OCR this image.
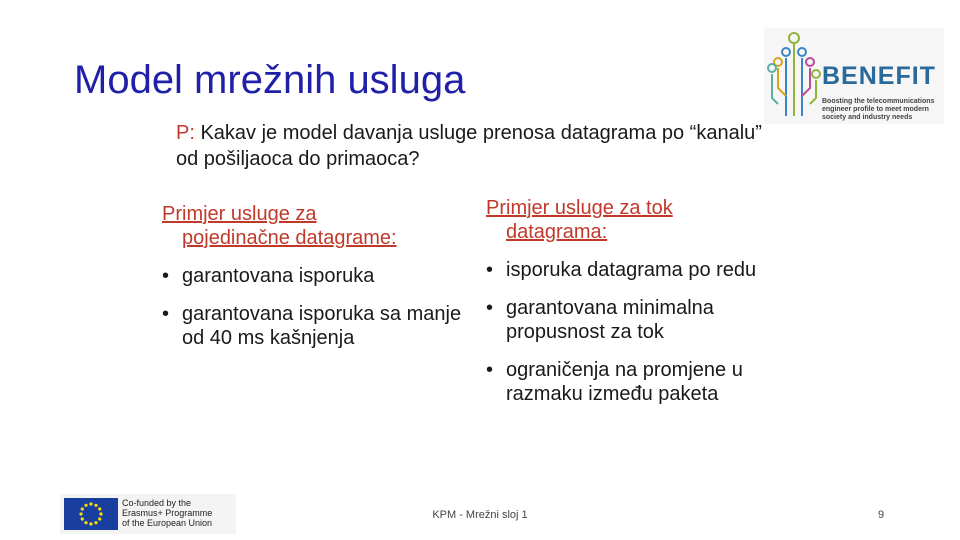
Model mrežnih usluga
P: Kakav je model davanja usluge prenosa datagrama po “kanalu” od pošiljaoca do primaoca?
Primjer usluge za
pojedinačne datagrame:
• garantovana isporuka
• garantovana isporuka sa manje od 40 ms kašnjenja
Primjer usluge za tok
datagrama:
• isporuka datagrama po redu
• garantovana minimalna propusnost za tok
• ograničenja na promjene u razmaku između paketa
BENEFIT
Boosting the telecommunications engineer profile to meet modern society and industry needs
Co-funded by the
Erasmus+ Programme
of the European Union
KPM - Mrežni sloj 1	9
